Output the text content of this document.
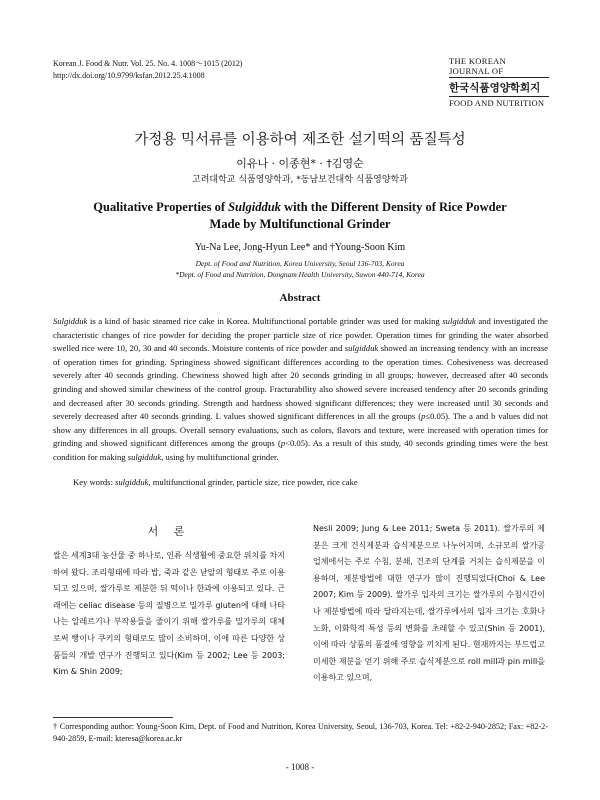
Korean J. Food & Nutr. Vol. 25. No. 4. 1008～1015 (2012)
http://dx.doi.org/10.9799/ksfan.2012.25.4.1008
THE KOREAN JOURNAL OF
한국식품영양학회지
FOOD AND NUTRITION
가정용 믹서류를 이용하여 제조한 설기떡의 품질특성
이유나 · 이종현* · †김영순
고려대학교 식품영양학과, *동남보건대학 식품영양학과
Qualitative Properties of Sulgidduk with the Different Density of Rice Powder
Made by Multifunctional Grinder
Yu-Na Lee, Jong-Hyun Lee* and †Young-Soon Kim
Dept. of Food and Nutrition, Korea University, Seoul 136-703, Korea
*Dept. of Food and Nutrition, Dongnam Health University, Suwon 440-714, Korea
Abstract

Sulgidduk is a kind of basic steamed rice cake in Korea. Multifunctional portable grinder was used for making sulgidduk and investigated the characteristic changes of rice powder for deciding the proper particle size of rice powder. Operation times for grinding the water absorbed swelled rice were 10, 20, 30 and 40 seconds. Moisture contents of rice powder and sulgidduk showed an increasing tendency with an increase of operation times for grinding. Springiness showed significant differences according to the operation times. Cohesiveness was decreased severely after 40 seconds grinding. Chewiness showed high after 20 seconds grinding in all groups; however, decreased after 40 seconds grinding and showed similar chewiness of the control group. Fracturability also showed severe increased tendency after 20 seconds grinding and decreased after 30 seconds grinding. Strength and hardness showed significant differences; they were increased until 30 seconds and severely decreased after 40 seconds grinding. L values showed significant differences in all the groups (p≤0.05). The a and b values did not show any differences in all groups. Overall sensory evaluations, such as colors, flavors and texture, were increased with operation times for grinding and showed significant differences among the groups (p<0.05). As a result of this study, 40 seconds grinding times were the best condition for making sulgidduk, using by multifunctional grinder.

Key words: sulgidduk, multifunctional grinder, particle size, rice powder, rice cake
서 론

쌀은 세계3대 농산물 중 하나로, 인류 식생활에 중요한 위치를 차지하여 왔다. 조리형태에 따라 밥, 죽과 같은 낟알의 형태로 주로 이용되고 있으며, 쌀가루로 제분한 뒤 떡이나 한과에 이용되고 있다. 근래에는 celiac disease 등의 질병으로 밀가루 gluten에 대해 나타나는 알레르기나 부작용들을 줄이기 위해 쌀가루를 밀가루의 대체로써 빵이나 쿠키의 형태로도 많이 소비하며, 이에 따른 다양한 상품들의 개발 연구가 진행되고 있다(Kim 등 2002; Lee 등 2003; Kim & Shin 2009;

Nesli 2009; Jung & Lee 2011; Sweta 등 2011). 쌀가루의 제분은 크게 건식제분과 습식제분으로 나누어지며, 소규모의 쌀가공 업체에서는 주로 수침, 분쇄, 건조의 단계를 거치는 습식제분을 이용하며, 제분방법에 대한 연구가 많이 진행되었다(Choi & Lee 2007; Kim 등 2009). 쌀가루 입자의 크기는 쌀가루의 수침시간이나 제분방법에 따라 달라지는데, 쌀가루에서의 입자 크기는 호화나 노화, 이화학적 특성 등의 변화를 초래할 수 있고(Shin 등 2001), 이에 따라 상품의 품질에 영향을 끼치게 된다. 현재까지는 부드럽고 미세한 제분을 얻기 위해 주로 습식제분으로 roll mill과 pin mill을 이용하고 있으며,

† Corresponding author: Young-Soon Kim, Dept. of Food and Nutrition, Korea University, Seoul, 136-703, Korea. Tel: +82-2-940-2852; Fax: +82-2-940-2859, E-mail: kteresa@korea.ac.kr

- 1008 -
